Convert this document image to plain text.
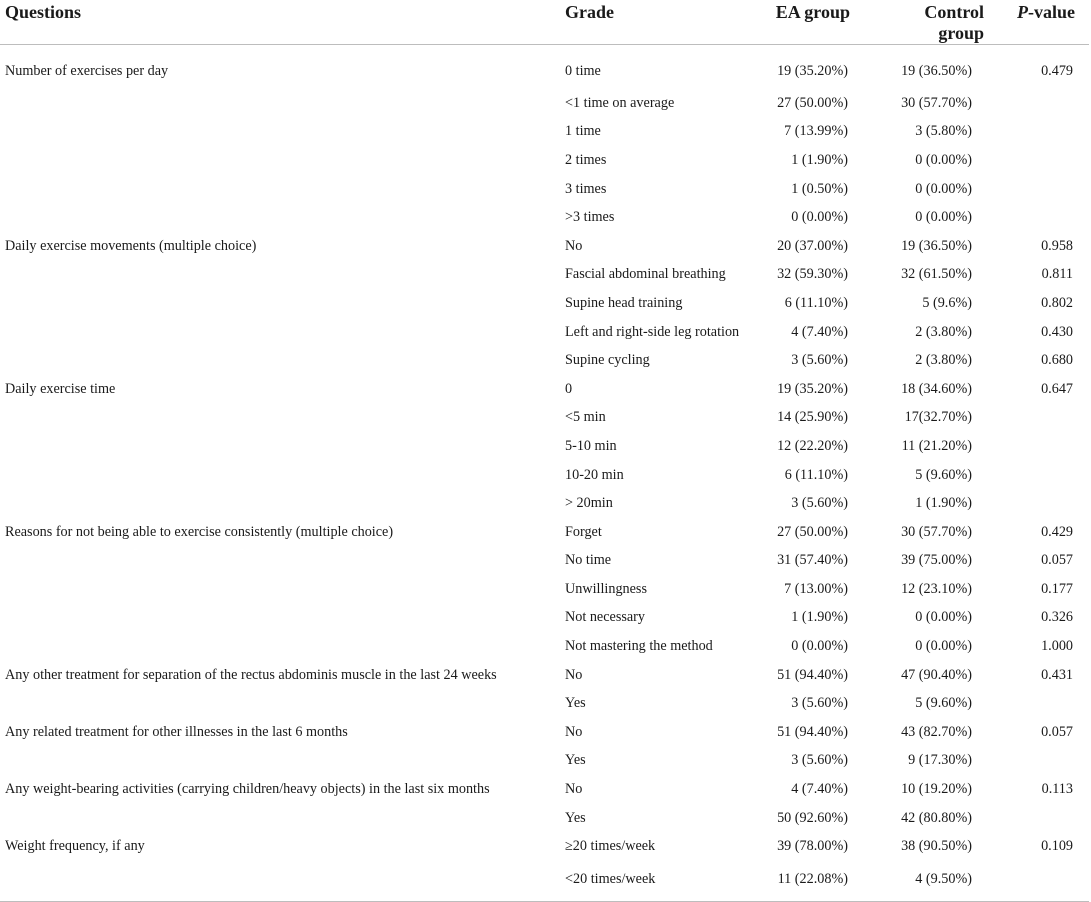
Questions	Grade	EA group	Control group	P-value
Number of exercises per day	0 time	19 (35.20%)	19 (36.50%)	0.479
	<1 time on average	27 (50.00%)	30 (57.70%)	
	1 time	7 (13.99%)	3 (5.80%)	
	2 times	1 (1.90%)	0 (0.00%)	
	3 times	1 (0.50%)	0 (0.00%)	
	>3 times	0 (0.00%)	0 (0.00%)	
Daily exercise movements (multiple choice)	No	20 (37.00%)	19 (36.50%)	0.958
	Fascial abdominal breathing	32 (59.30%)	32 (61.50%)	0.811
	Supine head training	6 (11.10%)	5 (9.6%)	0.802
	Left and right-side leg rotation	4 (7.40%)	2 (3.80%)	0.430
	Supine cycling	3 (5.60%)	2 (3.80%)	0.680
Daily exercise time	0	19 (35.20%)	18 (34.60%)	0.647
	<5 min	14 (25.90%)	17(32.70%)	
	5-10 min	12 (22.20%)	11 (21.20%)	
	10-20 min	6 (11.10%)	5 (9.60%)	
	> 20min	3 (5.60%)	1 (1.90%)	
Reasons for not being able to exercise consistently (multiple choice)	Forget	27 (50.00%)	30 (57.70%)	0.429
	No time	31 (57.40%)	39 (75.00%)	0.057
	Unwillingness	7 (13.00%)	12 (23.10%)	0.177
	Not necessary	1 (1.90%)	0 (0.00%)	0.326
	Not mastering the method	0 (0.00%)	0 (0.00%)	1.000
Any other treatment for separation of the rectus abdominis muscle in the last 24 weeks	No	51 (94.40%)	47 (90.40%)	0.431
	Yes	3 (5.60%)	5 (9.60%)	
Any related treatment for other illnesses in the last 6 months	No	51 (94.40%)	43 (82.70%)	0.057
	Yes	3 (5.60%)	9 (17.30%)	
Any weight-bearing activities (carrying children/heavy objects) in the last six months	No	4 (7.40%)	10 (19.20%)	0.113
	Yes	50 (92.60%)	42 (80.80%)	
Weight frequency, if any	≥20 times/week	39 (78.00%)	38 (90.50%)	0.109
	<20 times/week	11 (22.08%)	4 (9.50%)	
